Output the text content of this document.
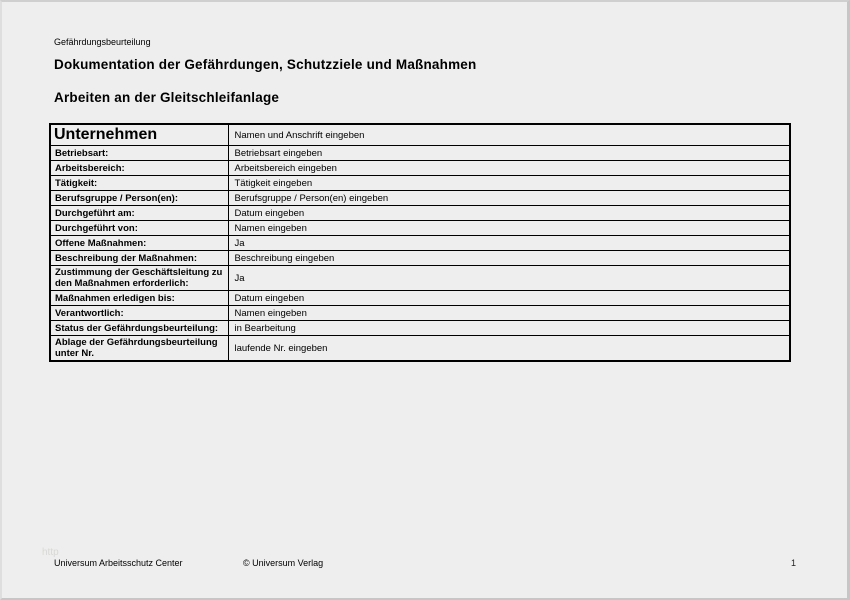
Gefährdungsbeurteilung
Dokumentation der Gefährdungen, Schutzziele und Maßnahmen
Arbeiten an der Gleitschleifanlage
Unternehmen	Namen und Anschrift eingeben
Betriebsart:	Betriebsart eingeben
Arbeitsbereich:	Arbeitsbereich eingeben
Tätigkeit:	Tätigkeit eingeben
Berufsgruppe / Person(en):	Berufsgruppe / Person(en) eingeben
Durchgeführt am:	Datum eingeben
Durchgeführt von:	Namen eingeben
Offene Maßnahmen:	Ja
Beschreibung der Maßnahmen:	Beschreibung eingeben
Zustimmung der Geschäftsleitung zu den Maßnahmen erforderlich:	Ja
Maßnahmen erledigen bis:	Datum eingeben
Verantwortlich:	Namen eingeben
Status der Gefährdungsbeurteilung:	in Bearbeitung
Ablage der Gefährdungsbeurteilung unter Nr.	laufende Nr. eingeben
http
Universum Arbeitsschutz Center	© Universum Verlag	1
